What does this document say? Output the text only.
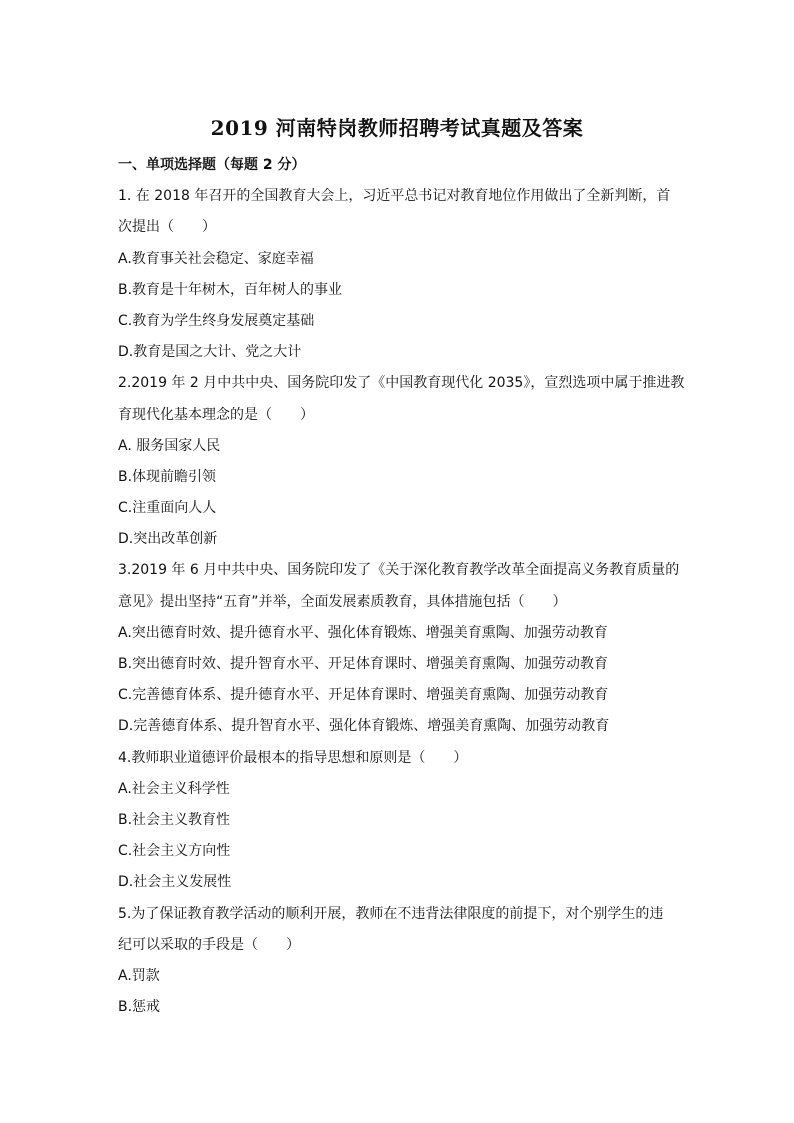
2019 河南特岗教师招聘考试真题及答案
一、单项选择题（每题 2 分）
1. 在 2018 年召开的全国教育大会上，习近平总书记对教育地位作用做出了全新判断，首
次提出（　　）
A.教育事关社会稳定、家庭幸福
B.教育是十年树木，百年树人的事业
C.教育为学生终身发展奠定基础
D.教育是国之大计、党之大计
2.2019 年 2 月中共中央、国务院印发了《中国教育现代化 2035》，宣烈选项中属于推进教
育现代化基本理念的是（　　）
A. 服务国家人民
B.体现前瞻引领
C.注重面向人人
D.突出改革创新
3.2019 年 6 月中共中央、国务院印发了《关于深化教育教学改革全面提高义务教育质量的
意见》提出坚持“五育”并举，全面发展素质教育，具体措施包括（　　）
A.突出德育时效、提升德育水平、强化体育锻炼、增强美育熏陶、加强劳动教育
B.突出德育时效、提升智育水平、开足体育课时、增强美育熏陶、加强劳动教育
C.完善德育体系、提升德育水平、开足体育课时、增强美育熏陶、加强劳动教育
D.完善德育体系、提升智育水平、强化体育锻炼、增强美育熏陶、加强劳动教育
4.教师职业道德评价最根本的指导思想和原则是（　　）
A.社会主义科学性
B.社会主义教育性
C.社会主义方向性
D.社会主义发展性
5.为了保证教育教学活动的顺利开展，教师在不违背法律限度的前提下，对个别学生的违
纪可以采取的手段是（　　）
A.罚款
B.惩戒
